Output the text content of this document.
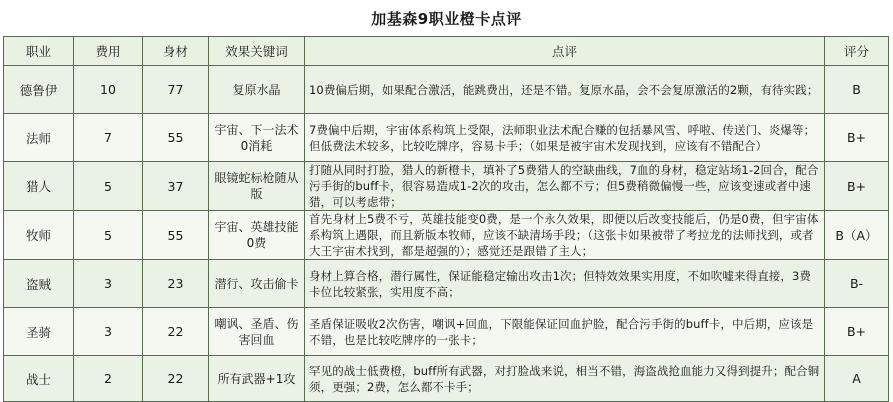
加基森9职业橙卡点评
职业	费用	身材	效果关键词	点评	评分
德鲁伊	10	77	复原水晶	10费偏后期，如果配合激活，能跳费出，还是不错。复原水晶，会不会复原激活的2颗，有待实践；	B
法师	7	55	宇宙、下一法术0消耗	7费偏中后期，宇宙体系构筑上受限，法师职业法术配合赚的包括暴风雪、呼啦、传送门、炎爆等；但低费法术较多，比较吃牌序，容易卡手；（如果是被宇宙术发现找到，应该有不错配合）	B+
猎人	5	37	眼镜蛇标枪随从版	打随从同时打脸，猎人的新橙卡，填补了5费猎人的空缺曲线，7血的身材，稳定站场1-2回合，配合污手街的buff卡，很容易造成1-2次的攻击，怎么都不亏；但5费稍微偏慢一些，应该变速或者中速猎，可以考虑带；	B+
牧师	5	55	宇宙、英雄技能0费	首先身材上5费不亏，英雄技能变0费，是一个永久效果，即便以后改变技能后，仍是0费，但宇宙体系构筑上遇限，而且新版本牧师，应该不缺清场手段；（这张卡如果被带了考拉龙的法师找到，或者大王宇宙术找到，都是超强的）；感觉还是跟错了主人；	B（A）
盗贼	3	23	潜行、攻击偷卡	身材上算合格，潜行属性，保证能稳定输出攻击1次；但特效效果实用度，不如吹嘘来得直接，3费卡位比较紧张，实用度不高；	B-
圣骑	3	22	嘲讽、圣盾、伤害回血	圣盾保证吸收2次伤害，嘲讽+回血，下限能保证回血护脸，配合污手街的buff卡，中后期，应该是不错，也是比较吃牌序的一张卡；	B+
战士	2	22	所有武器+1攻	罕见的战士低费橙，buff所有武器，对打脸战来说，相当不错，海盗战抢血能力又得到提升；配合铜须，更强；2费，怎么都不卡手；	A
